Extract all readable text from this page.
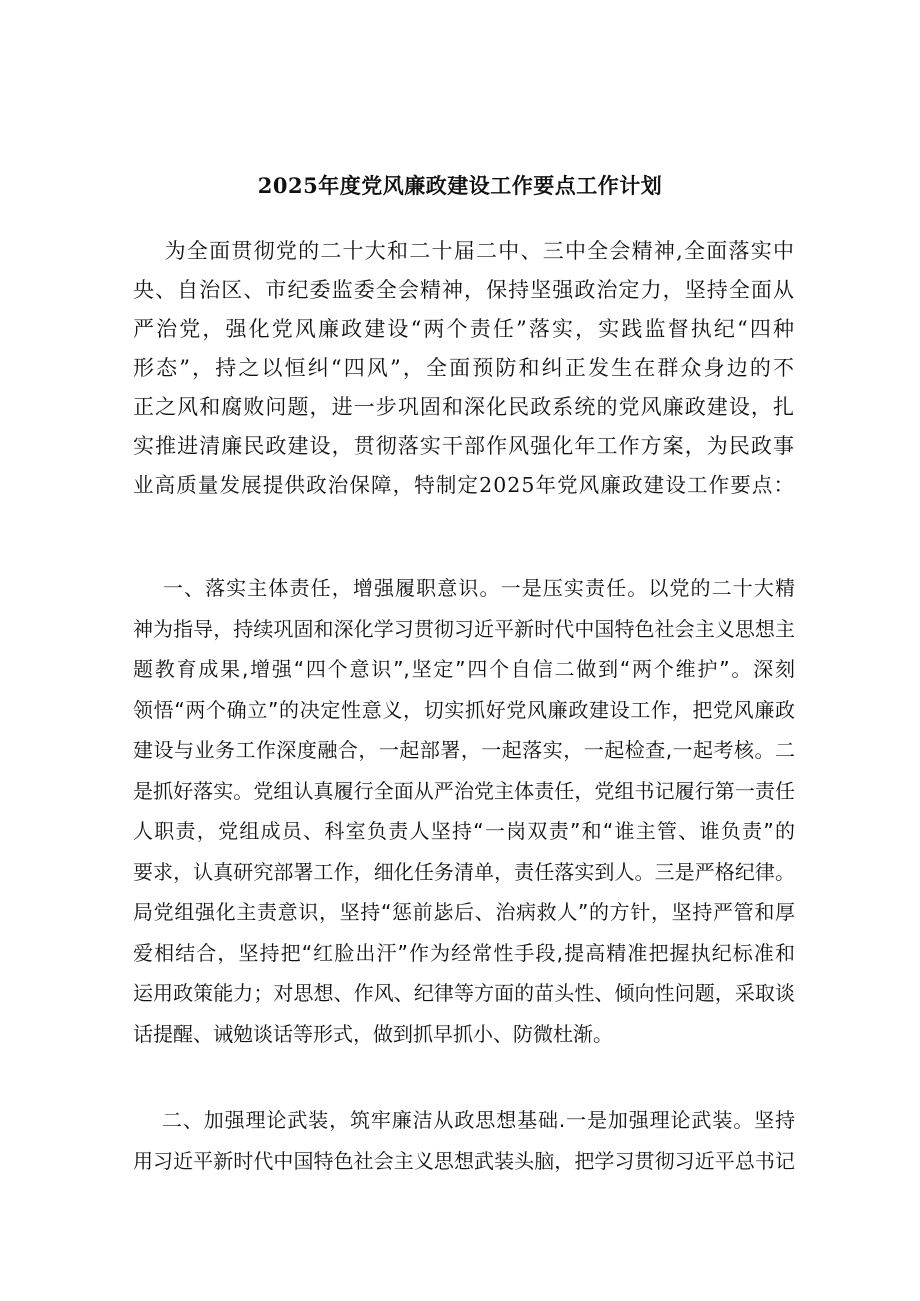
2025年度党风廉政建设工作要点工作计划
为全面贯彻党的二十大和二十届二中、三中全会精神,全面落实中
央、自治区、市纪委监委全会精神，保持坚强政治定力，坚持全面从
严治党，强化党风廉政建设“两个责任”落实，实践监督执纪“四种
形态”，持之以恒纠“四风”，全面预防和纠正发生在群众身边的不
正之风和腐败问题，进一步巩固和深化民政系统的党风廉政建设，扎
实推进清廉民政建设，贯彻落实干部作风强化年工作方案，为民政事
业高质量发展提供政治保障，特制定2025年党风廉政建设工作要点：
一、落实主体责任，增强履职意识。一是压实责任。以党的二十大精
神为指导，持续巩固和深化学习贯彻习近平新时代中国特色社会主义思想主
题教育成果,增强“四个意识”,坚定”四个自信二做到“两个维护”。深刻
领悟“两个确立”的决定性意义，切实抓好党风廉政建设工作，把党风廉政
建设与业务工作深度融合，一起部署，一起落实，一起检查,一起考核。二
是抓好落实。党组认真履行全面从严治党主体责任，党组书记履行第一责任
人职责，党组成员、科室负责人坚持“一岗双责”和“谁主管、谁负责”的
要求，认真研究部署工作，细化任务清单，责任落实到人。三是严格纪律。
局党组强化主责意识，坚持“惩前毖后、治病救人”的方针，坚持严管和厚
爱相结合，坚持把“红脸出汗”作为经常性手段,提高精准把握执纪标准和
运用政策能力；对思想、作风、纪律等方面的苗头性、倾向性问题，采取谈
话提醒、诫勉谈话等形式，做到抓早抓小、防微杜渐。
二、加强理论武装，筑牢廉洁从政思想基础.一是加强理论武装。坚持
用习近平新时代中国特色社会主义思想武装头脑，把学习贯彻习近平总书记
